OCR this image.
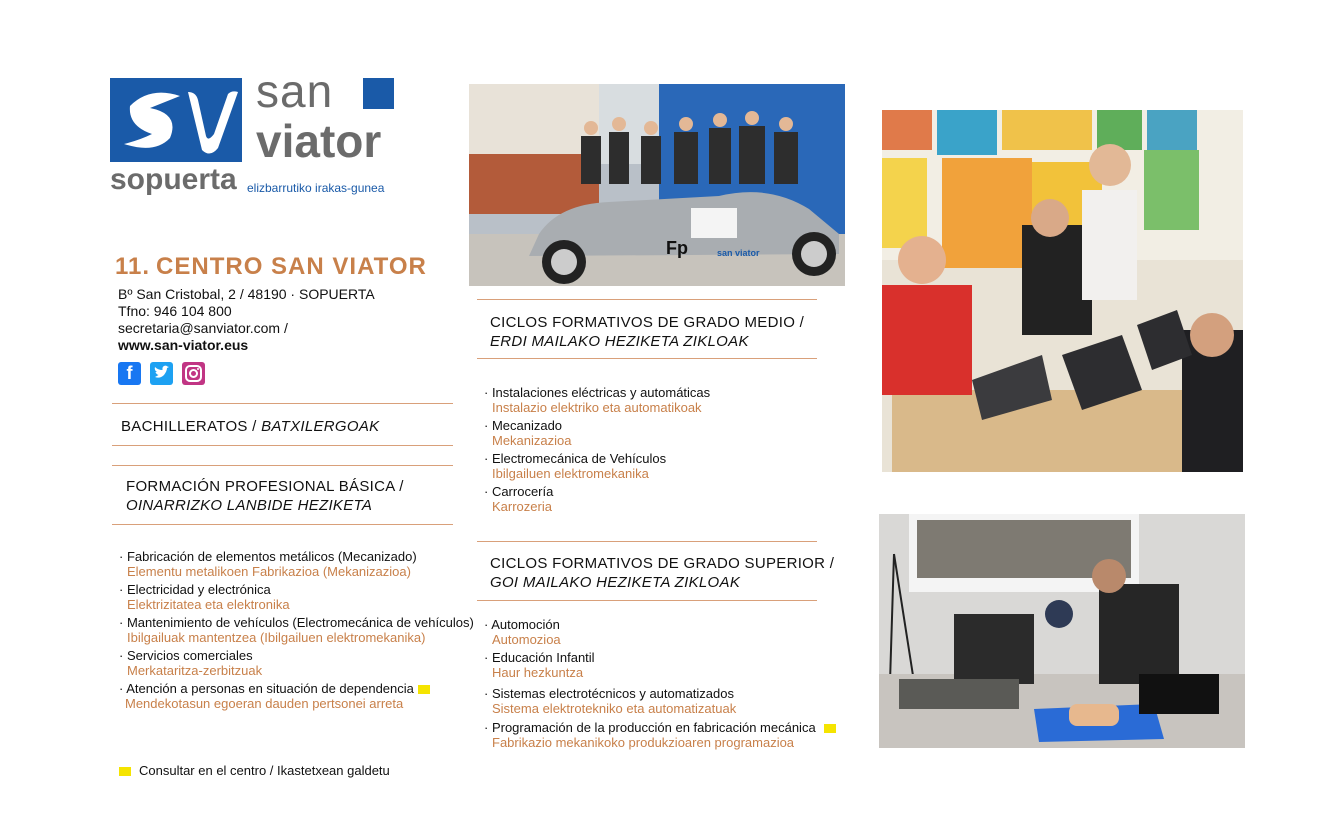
san
viator
sopuerta elizbarrutiko irakas-gunea
11. CENTRO SAN VIATOR
Bº San Cristobal, 2 / 48190 · SOPUERTA
Tfno: 946 104 800
secretaria@sanviator.com /
www.san-viator.eus
f
BACHILLERATOS / BATXILERGOAK
FORMACIÓN PROFESIONAL BÁSICA /
OINARRIZKO LANBIDE HEZIKETA
· Fabricación de elementos metálicos (Mecanizado)
Elementu metalikoen Fabrikazioa (Mekanizazioa)
· Electricidad y electrónica
Elektrizitatea eta elektronika
· Mantenimiento de vehículos (Electromecánica de vehículos)
Ibilgailuak mantentzea (Ibilgailuen elektromekanika)
· Servicios comerciales
Merkataritza-zerbitzuak
· Atención a personas en situación de dependencia
Mendekotasun egoeran dauden pertsonei arreta
Consultar en el centro / Ikastetxean galdetu
Fp	san viator
CICLOS FORMATIVOS DE GRADO MEDIO /
ERDI MAILAKO HEZIKETA ZIKLOAK
· Instalaciones eléctricas y automáticas
Instalazio elektriko eta automatikoak
· Mecanizado
Mekanizazioa
· Electromecánica de Vehículos
Ibilgailuen elektromekanika
· Carrocería
Karrozeria
CICLOS FORMATIVOS DE GRADO SUPERIOR /
GOI MAILAKO HEZIKETA ZIKLOAK
· Automoción
Automozioa
· Educación Infantil
Haur hezkuntza
· Sistemas electrotécnicos y automatizados
Sistema elektrotekniko eta automatizatuak
· Programación de la producción en fabricación mecánica
Fabrikazio mekanikoko produkzioaren programazioa
